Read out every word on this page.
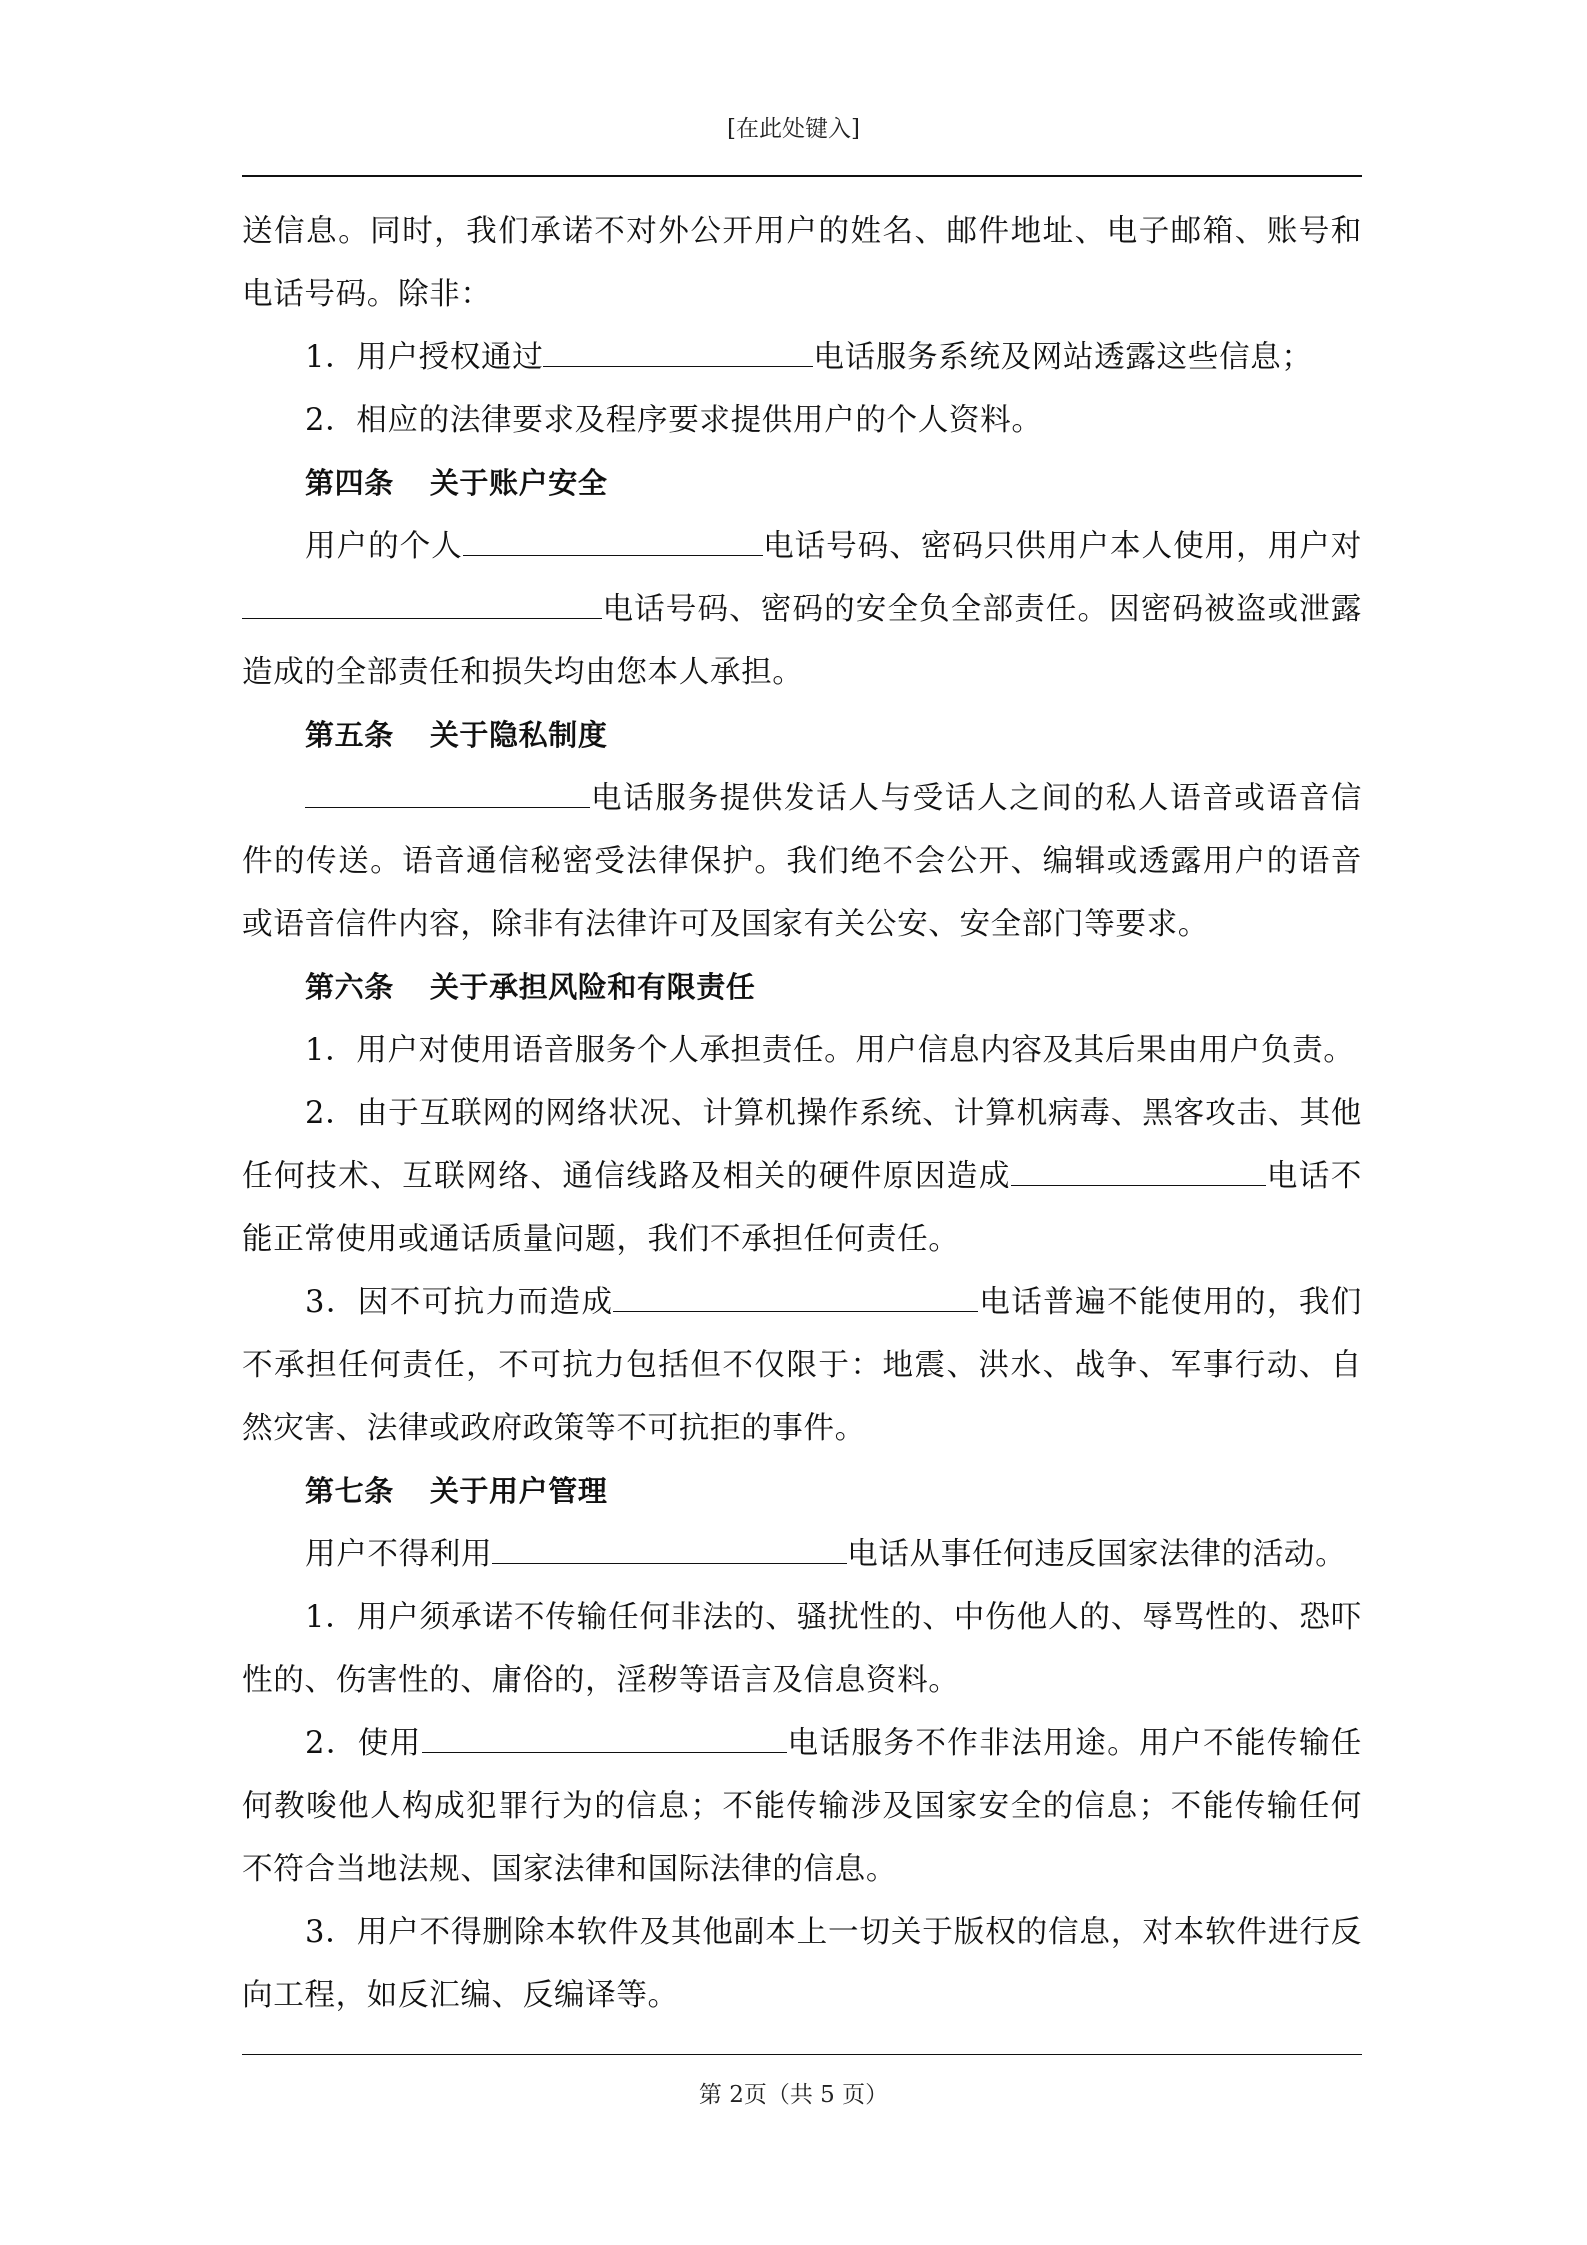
[在此处键入]

送信息。同时，我们承诺不对外公开用户的姓名、邮件地址、电子邮箱、账号和电话号码。除非：

1．用户授权通过	电话服务系统及网站透露这些信息；

2．相应的法律要求及程序要求提供用户的个人资料。

第四条 关于账户安全

用户的个人	电话号码、密码只供用户本人使用，用户对电话号码、密码的安全负全部责任。因密码被盗或泄露造成的全部责任和损失均由您本人承担。

第五条 关于隐私制度

电话服务提供发话人与受话人之间的私人语音或语音信件的传送。语音通信秘密受法律保护。我们绝不会公开、编辑或透露用户的语音或语音信件内容，除非有法律许可及国家有关公安、安全部门等要求。

第六条 关于承担风险和有限责任

1．用户对使用语音服务个人承担责任。用户信息内容及其后果由用户负责。

2．由于互联网的网络状况、计算机操作系统、计算机病毒、黑客攻击、其他任何技术、互联网络、通信线路及相关的硬件原因造成	电话不能正常使用或通话质量问题，我们不承担任何责任。

3．因不可抗力而造成	电话普遍不能使用的，我们不承担任何责任，不可抗力包括但不仅限于：地震、洪水、战争、军事行动、自然灾害、法律或政府政策等不可抗拒的事件。

第七条 关于用户管理

用户不得利用	电话从事任何违反国家法律的活动。

1．用户须承诺不传输任何非法的、骚扰性的、中伤他人的、辱骂性的、恐吓性的、伤害性的、庸俗的，淫秽等语言及信息资料。

2．使用	电话服务不作非法用途。用户不能传输任何教唆他人构成犯罪行为的信息；不能传输涉及国家安全的信息；不能传输任何不符合当地法规、国家法律和国际法律的信息。

3．用户不得删除本软件及其他副本上一切关于版权的信息，对本软件进行反向工程，如反汇编、反编译等。

第 2页（共 5 页）
